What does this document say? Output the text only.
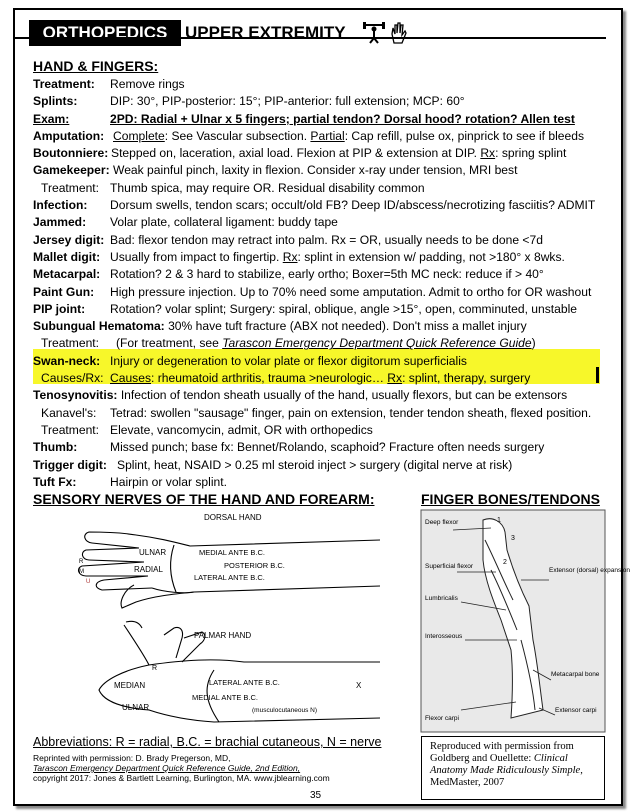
ORTHOPEDICS	UPPER EXTREMITY
HAND & FINGERS:
Treatment: Remove rings
Splints:	DIP: 30°, PIP-posterior: 15°; PIP-anterior: full extension; MCP: 60°
Exam:	2PD: Radial + Ulnar x 5 fingers; partial tendon? Dorsal hood? rotation? Allen test
Amputation: Complete: See Vascular subsection. Partial: Cap refill, pulse ox, pinprick to see if bleeds
Boutonniere: Stepped on, laceration, axial load. Flexion at PIP & extension at DIP. Rx: spring splint
Gamekeeper: Weak painful pinch, laxity in flexion. Consider x-ray under tension, MRI best
Treatment: Thumb spica, may require OR. Residual disability common
Infection: Dorsum swells, tendon scars; occult/old FB? Deep ID/abscess/necrotizing fasciitis? ADMIT
Jammed: Volar plate, collateral ligament: buddy tape
Jersey digit: Bad: flexor tendon may retract into palm. Rx = OR, usually needs to be done <7d
Mallet digit: Usually from impact to fingertip. Rx: splint in extension w/ padding, not >180° x 8wks.
Metacarpal: Rotation? 2 & 3 hard to stabilize, early ortho; Boxer=5th MC neck: reduce if > 40°
Paint Gun: High pressure injection. Up to 70% need some amputation. Admit to ortho for OR washout
PIP joint: Rotation? volar splint; Surgery: spiral, oblique, angle >15°, open, comminuted, unstable
Subungual Hematoma: 30% have tuft fracture (ABX not needed). Don't miss a mallet injury
Treatment: (For treatment, see Tarascon Emergency Department Quick Reference Guide)
Swan-neck: Injury or degeneration to volar plate or flexor digitorum superficialis
Causes/Rx: Causes: rheumatoid arthritis, trauma >neurologic… Rx: splint, therapy, surgery
Tenosynovitis: Infection of tendon sheath usually of the hand, usually flexors, but can be extensors
Kanavel's: Tetrad: swollen "sausage" finger, pain on extension, tender tendon sheath, flexed position.
Treatment: Elevate, vancomycin, admit, OR with orthopedics
Thumb:	Missed punch; base fx: Bennet/Rolando, scaphoid? Fracture often needs surgery
Trigger digit: Splint, heat, NSAID > 0.25 ml steroid inject > surgery (digital nerve at risk)
Tuft Fx:	Hairpin or volar splint.
SENSORY NERVES OF THE HAND AND FOREARM:	FINGER BONES/TENDONS
DORSAL HAND
ULNAR
RADIAL
MEDIAL ANTE B.C.
POSTERIOR B.C.
LATERAL ANTE B.C.
M
R
U
PALMAR HAND
R
MEDIAN
ULNAR
LATERAL ANTE B.C.
MEDIAL ANTE B.C.
(musculocutaneous N)
X
Deep flexor
Superficial flexor
Lumbricalis
Interosseous
Flexor carpi
Extensor (dorsal) expansion
Metacarpal bone
Extensor carpi
1
2
3
Abbreviations: R = radial, B.C. = brachial cutaneous, N = nerve
Reprinted with permission: D. Brady Pregerson, MD,
Tarascon Emergency Department Quick Reference Guide, 2nd Edition,
copyright 2017: Jones & Bartlett Learning, Burlington, MA. www.jblearning.com
35
Reproduced with permission from Goldberg and Ouellette: Clinical Anatomy Made Ridiculously Simple, MedMaster, 2007
